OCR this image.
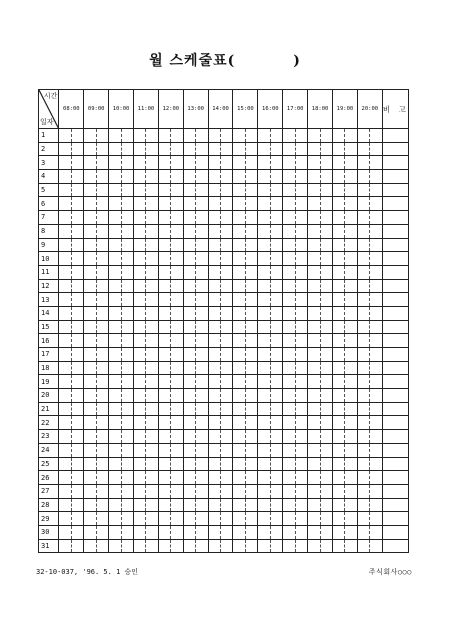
월 스케줄표(	)
시간
일자	08:00		09:00		10:00		11:00		12:00		13:00		14:00		15:00		16:00		17:00		18:00		19:00		20:00		비 고
1																											
2																											
3																											
4																											
5																											
6																											
7																											
8																											
9																											
10																											
11																											
12																											
13																											
14																											
15																											
16																											
17																											
18																											
19																											
20																											
21																											
22																											
23																											
24																											
25																											
26																											
27																											
28																											
29																											
30																											
31																											
32-10-037, '96. 5. 1 승인	주식회사○○○
